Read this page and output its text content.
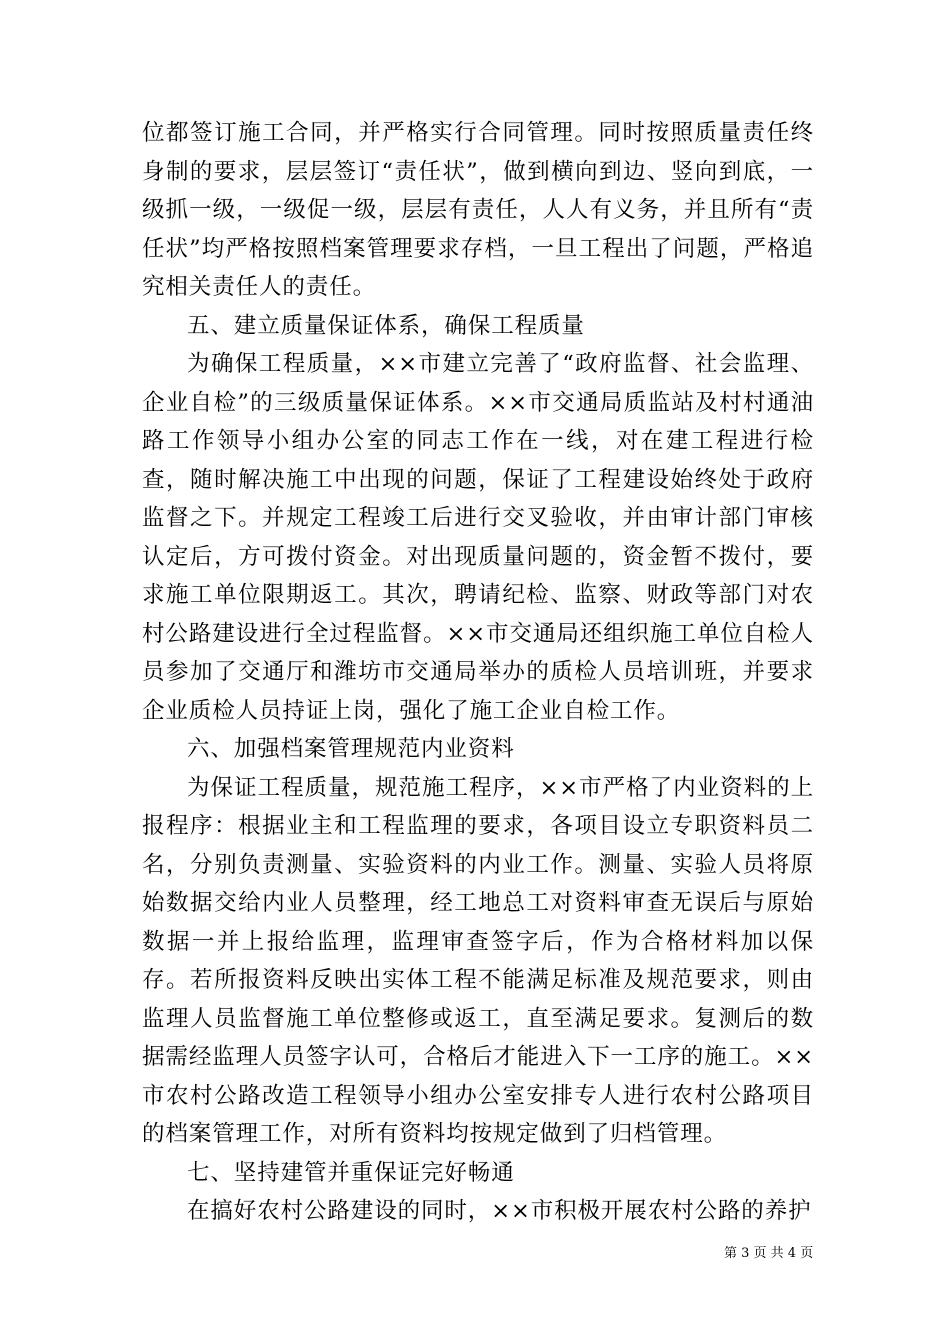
位都签订施工合同，并严格实行合同管理。同时按照质量责任终身制的要求，层层签订“责任状”，做到横向到边、竖向到底，一级抓一级，一级促一级，层层有责任，人人有义务，并且所有“责任状”均严格按照档案管理要求存档，一旦工程出了问题，严格追究相关责任人的责任。

五、建立质量保证体系，确保工程质量

为确保工程质量，××市建立完善了“政府监督、社会监理、企业自检”的三级质量保证体系。××市交通局质监站及村村通油路工作领导小组办公室的同志工作在一线，对在建工程进行检查，随时解决施工中出现的问题，保证了工程建设始终处于政府监督之下。并规定工程竣工后进行交叉验收，并由审计部门审核认定后，方可拨付资金。对出现质量问题的，资金暂不拨付，要求施工单位限期返工。其次，聘请纪检、监察、财政等部门对农村公路建设进行全过程监督。××市交通局还组织施工单位自检人员参加了交通厅和潍坊市交通局举办的质检人员培训班，并要求企业质检人员持证上岗，强化了施工企业自检工作。

六、加强档案管理规范内业资料

为保证工程质量，规范施工程序，××市严格了内业资料的上报程序：根据业主和工程监理的要求，各项目设立专职资料员二名，分别负责测量、实验资料的内业工作。测量、实验人员将原始数据交给内业人员整理，经工地总工对资料审查无误后与原始数据一并上报给监理，监理审查签字后，作为合格材料加以保存。若所报资料反映出实体工程不能满足标准及规范要求，则由监理人员监督施工单位整修或返工，直至满足要求。复测后的数据需经监理人员签字认可，合格后才能进入下一工序的施工。××市农村公路改造工程领导小组办公室安排专人进行农村公路项目的档案管理工作，对所有资料均按规定做到了归档管理。

七、坚持建管并重保证完好畅通

在搞好农村公路建设的同时，××市积极开展农村公路的养护

第 3 页 共 4 页
